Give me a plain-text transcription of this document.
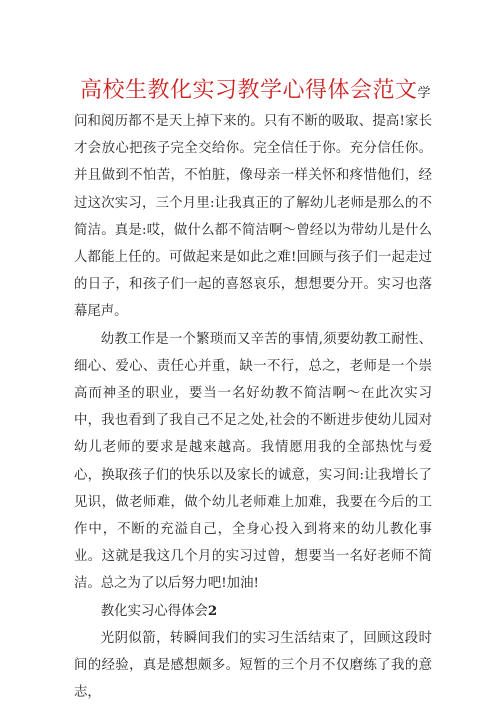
高校生教化实习教学心得体会范文学

问和阅历都不是天上掉下来的。只有不断的吸取、提高!家长才会放心把孩子完全交给你。完全信任于你。充分信任你。并且做到不怕苦，不怕脏，像母亲一样关怀和疼惜他们，经过这次实习，三个月里:让我真正的了解幼儿老师是那么的不简洁。真是:哎，做什么都不简洁啊～曾经以为带幼儿是什么人都能上任的。可做起来是如此之难!回顾与孩子们一起走过的日子，和孩子们一起的喜怒哀乐，想想要分开。实习也落幕尾声。

幼教工作是一个繁琐而又辛苦的事情,须要幼教工耐性、细心、爱心、责任心并重，缺一不行，总之，老师是一个崇高而神圣的职业，要当一名好幼教不简洁啊～在此次实习中，我也看到了我自己不足之处,社会的不断进步使幼儿园对幼儿老师的要求是越来越高。我情愿用我的全部热忱与爱心，换取孩子们的快乐以及家长的诚意，实习间:让我增长了见识，做老师难，做个幼儿老师难上加难，我要在今后的工作中，不断的充溢自己，全身心投入到将来的幼儿教化事业。这就是我这几个月的实习过曾，想要当一名好老师不简洁。总之为了以后努力吧!加油!

教化实习心得体会2

光阴似箭，转瞬间我们的实习生活结束了，回顾这段时间的经验，真是感想颇多。短暂的三个月不仅磨练了我的意志，
